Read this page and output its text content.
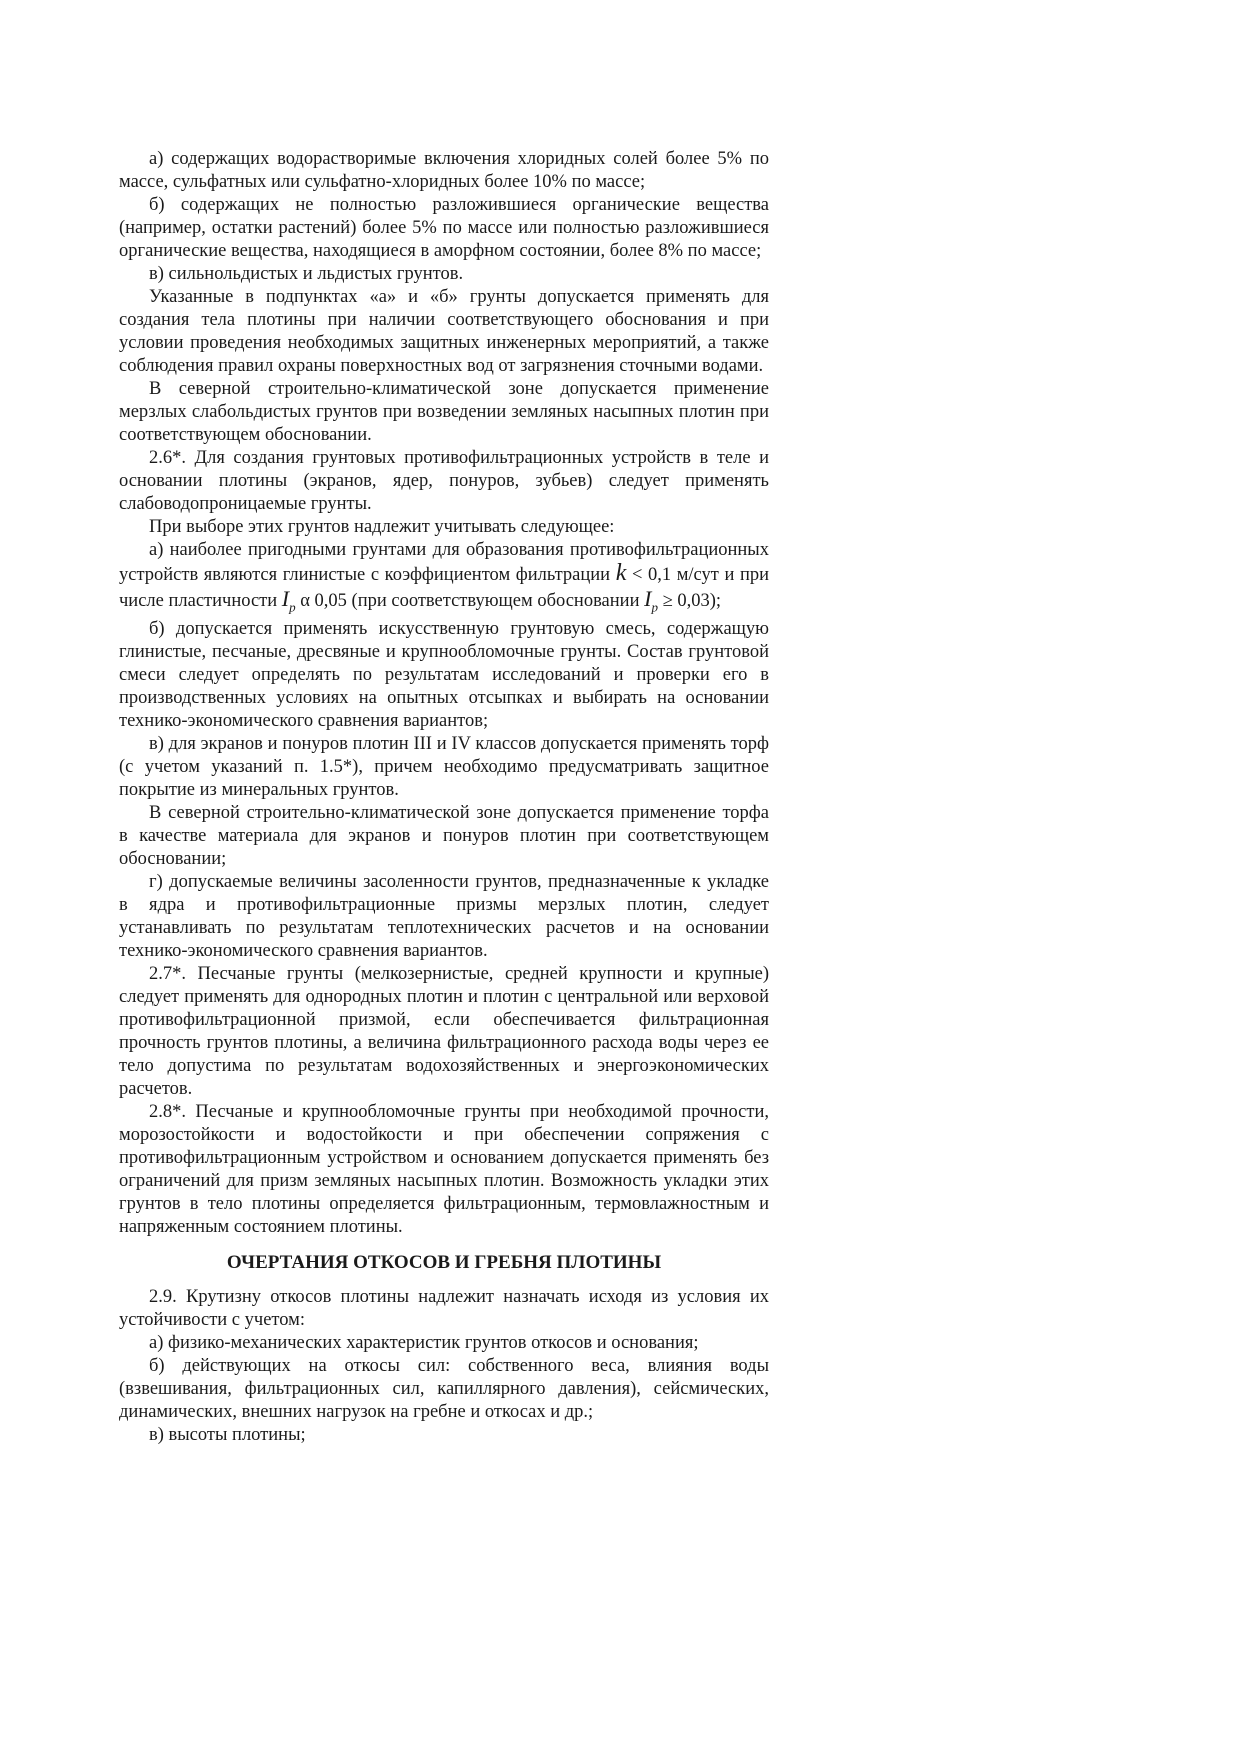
а) содержащих водорастворимые включения хлоридных солей более 5% по массе, сульфатных или сульфатно-хлоридных более 10% по массе;

б) содержащих не полностью разложившиеся органические вещества (например, остатки растений) более 5% по массе или полностью разложившиеся органические вещества, находящиеся в аморфном состоянии, более 8% по массе;

в) сильнольдистых и льдистых грунтов.

Указанные в подпунктах «а» и «б» грунты допускается применять для создания тела плотины при наличии соответствующего обоснования и при условии проведения необходимых защитных инженерных мероприятий, а также соблюдения правил охраны поверхностных вод от загрязнения сточными водами.

В северной строительно-климатической зоне допускается применение мерзлых слабольдистых грунтов при возведении земляных насыпных плотин при соответствующем обосновании.

2.6*. Для создания грунтовых противофильтрационных устройств в теле и основании плотины (экранов, ядер, понуров, зубьев) следует применять слабоводопроницаемые грунты.

При выборе этих грунтов надлежит учитывать следующее:

а) наиболее пригодными грунтами для образования противофильтрационных устройств являются глинистые с коэффициентом фильтрации k < 0,1 м/сут и при числе пластичности $I_p$ α 0,05 (при соответствующем обосновании $I_p \ge 0,03$);

б) допускается применять искусственную грунтовую смесь, содержащую глинистые, песчаные, дресвяные и крупнообломочные грунты. Состав грунтовой смеси следует определять по результатам исследований и проверки его в производственных условиях на опытных отсыпках и выбирать на основании технико-экономического сравнения вариантов;

в) для экранов и понуров плотин III и IV классов допускается применять торф (с учетом указаний п. 1.5*), причем необходимо предусматривать защитное покрытие из минеральных грунтов.

В северной строительно-климатической зоне допускается применение торфа в качестве материала для экранов и понуров плотин при соответствующем обосновании;

г) допускаемые величины засоленности грунтов, предназначенные к укладке в ядра и противофильтрационные призмы мерзлых плотин, следует устанавливать по результатам теплотехнических расчетов и на основании технико-экономического сравнения вариантов.

2.7*. Песчаные грунты (мелкозернистые, средней крупности и крупные) следует применять для однородных плотин и плотин с центральной или верховой противофильтрационной призмой, если обеспечивается фильтрационная прочность грунтов плотины, а величина фильтрационного расхода воды через ее тело допустима по результатам водохозяйственных и энергоэкономических расчетов.

2.8*. Песчаные и крупнообломочные грунты при необходимой прочности, морозостойкости и водостойкости и при обеспечении сопряжения с противофильтрационным устройством и основанием допускается применять без ограничений для призм земляных насыпных плотин. Возможность укладки этих грунтов в тело плотины определяется фильтрационным, термовлажностным и напряженным состоянием плотины.

ОЧЕРТАНИЯ ОТКОСОВ И ГРЕБНЯ ПЛОТИНЫ

2.9. Крутизну откосов плотины надлежит назначать исходя из условия их устойчивости с учетом:

а) физико-механических характеристик грунтов откосов и основания;

б) действующих на откосы сил: собственного веса, влияния воды (взвешивания, фильтрационных сил, капиллярного давления), сейсмических, динамических, внешних нагрузок на гребне и откосах и др.;

в) высоты плотины;
